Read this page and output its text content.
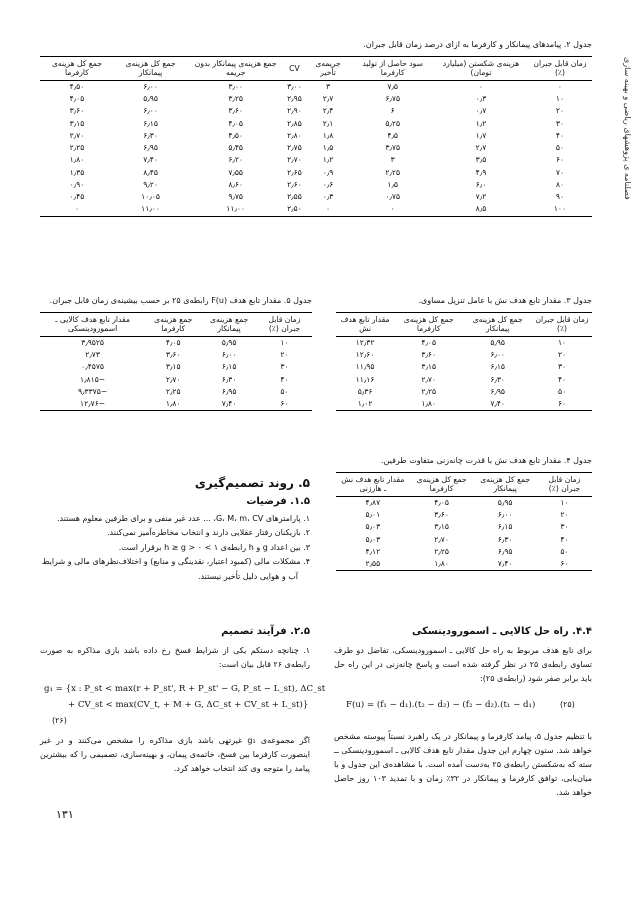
فصلنامه ی پژوهشهای ریاضی و بهینه سازی
جدول ۲. پیامدهای پیمانکار و کارفرما به ازای درصد زمان قابل جبران.
زمان قابل جبران (٪)	هزینه‌ی شکستن (میلیارد تومان)	سود حاصل از تولید کارفرما	جریمه‌ی تأخیر	CV	جمع هزینه‌ی پیمانکار بدون جریمه	جمع کل هزینه‌ی پیمانکار	جمع کل هزینه‌ی کارفرما
۰	۰	۷٫۵	۳	۳٫۰۰	۳٫۰۰	۶٫۰۰	۴٫۵۰
۱۰	۰٫۳	۶٫۷۵	۲٫۷	۲٫۹۵	۳٫۲۵	۵٫۹۵	۴٫۰۵
۲۰	۰٫۷	۶	۲٫۴	۲٫۹۰	۳٫۶۰	۶٫۰۰	۳٫۶۰
۳۰	۱٫۲	۵٫۲۵	۲٫۱	۲٫۸۵	۴٫۰۵	۶٫۱۵	۳٫۱۵
۴۰	۱٫۷	۴٫۵	۱٫۸	۲٫۸۰	۴٫۵۰	۶٫۳۰	۲٫۷۰
۵۰	۲٫۷	۳٫۷۵	۱٫۵	۲٫۷۵	۵٫۴۵	۶٫۹۵	۲٫۲۵
۶۰	۳٫۵	۳	۱٫۲	۲٫۷۰	۶٫۲۰	۷٫۴۰	۱٫۸۰
۷۰	۴٫۹	۲٫۲۵	۰٫۹	۲٫۶۵	۷٫۵۵	۸٫۴۵	۱٫۳۵
۸۰	۶٫۰	۱٫۵	۰٫۶	۲٫۶۰	۸٫۶۰	۹٫۲۰	۰٫۹۰
۹۰	۷٫۲	۰٫۷۵	۰٫۳	۲٫۵۵	۹٫۷۵	۱۰٫۰۵	۰٫۴۵
۱۰۰	۸٫۵	۰	۰	۲٫۵۰	۱۱٫۰۰	۱۱٫۰۰	۰
جدول ۳. مقدار تابع هدف نش با عامل تنزیل مساوی.
زمان قابل جبران (٪)	جمع کل هزینه‌ی پیمانکار	جمع کل هزینه‌ی کارفرما	مقدار تابع هدف نش
۱۰	۵٫۹۵	۴٫۰۵	۱۲٫۳۲
۲۰	۶٫۰۰	۳٫۶۰	۱۲٫۶۰
۳۰	۶٫۱۵	۳٫۱۵	۱۱٫۹۵
۴۰	۶٫۳۰	۲٫۷۰	۱۱٫۱۶
۵۰	۶٫۹۵	۲٫۲۵	۵٫۳۶
۶۰	۷٫۴۰	۱٫۸۰	۱٫۰۲
جدول ۵. مقدار تابع هدف F(u) رابطه‌ی ۲۵ بر حسب بیشینه‌ی زمان قابل جبران.
زمان قابل جبران (٪)	جمع هزینه‌ی پیمانکار	جمع هزینه‌ی کارفرما	مقدار تابع هدف کالایی ـ اسمورودینسکی
۱۰	۵٫۹۵	۴٫۰۵	۳٫۹۵۲۵
۲۰	۶٫۰۰	۳٫۶۰	۲٫۷۳
۳۰	۶٫۱۵	۳٫۱۵	۰٫۴۵۷۵
۴۰	۶٫۳۰	۲٫۷۰	−۱٫۸۱۵
۵۰	۶٫۹۵	۲٫۲۵	−۹٫۳۳۷۵
۶۰	۷٫۴۰	۱٫۸۰	−۱۲٫۷۶
جدول ۴. مقدار تابع هدف نش با قدرت چانه‌زنی متفاوت طرفین.
زمان قابل جبران (٪)	جمع کل هزینه‌ی پیمانکار	جمع کل هزینه‌ی کارفرما	مقدار تابع هدف نش ـ هارزنی
۱۰	۵٫۹۵	۴٫۰۵	۴٫۸۷
۲۰	۶٫۰۰	۳٫۶۰	۵٫۰۱
۳۰	۶٫۱۵	۳٫۱۵	۵٫۰۳
۴۰	۶٫۳۰	۲٫۷۰	۵٫۰۳
۵۰	۶٫۹۵	۲٫۲۵	۴٫۱۲
۶۰	۷٫۴۰	۱٫۸۰	۲٫۵۵
۵. روند تصمیم‌گیری
۱.۵. فرضیات
۱. پارامترهای G، M، m، CV، ... عدد غیر منفی و برای طرفین معلوم هستند.
۲. بازیکنان رفتار عقلایی دارند و انتخاب مخاطره‌آمیز نمی‌کنند.
۳. بین اعداد g و h رابطه‌ی ۱ > h ≥ g > ۰ برقرار است.
۴. مشکلات مالی (کمبود اعتبار، نقدینگی و منابع) و اختلاف‌نظرهای مالی و شرایط
آب و هوایی دلیل تأخیر نیستند.
۲.۵. فرآیند تصمیم
۱. چنانچه دستکم یکی از شرایط فسخ رخ داده باشد بازی مذاکره به صورت رابطه‌ی ۲۶ قابل بیان است:
g₁ = {x : P_st < max(r + P_st', R + P_st' − G, P_st − L_st), ΔC_st
+ CV_st < max(CV_t, + M + G, ΔC_st + CV_st + L_st)}
(۲۶)
اگر مجموعه‌ی g₁ غیرتهی باشد بازی مذاکره را مشخص می‌کنند و در غیر اینصورت کارفرما بین فسخ، خاتمه‌ی پیمان، و بهینه‌سازی، تصمیمی را که بیشترین پیامد را متوجه وی کند انتخاب خواهد کرد.
۴.۴. راه حل کالایی ـ اسمورودینسکی
برای تابع هدف مربوط به راه حل کالایی ـ اسمورودینسکی، تفاضل دو طرف تساوی رابطه‌ی ۲۵ در نظر گرفته شده است و پاسخ چانه‌زنی در این راه حل باید برابر صفر شود (رابطه‌ی ۲۵):
F(u) = (f₁ − d₁).(t₂ − d₂) − (f₂ − d₂).(t₁ − d₁)	(۲۵)
با تنظیم جدول ۵، پیامد کارفرما و پیمانکار در یک راهبرد نسبتاً پیوسته مشخص خواهد شد. ستون چهارم این جدول مقدار تابع هدف کالایی ـ اسمورودینسکی ــ سته که به‌شکستن رابطه‌ی ۲۵ به‌دست آمده است. با مشاهده‌ی این جدول و با میان‌یابی، توافق کارفرما و پیمانکار در ۳۲٪ زمان و با تمدید ۱۰۳ روز حاصل خواهد شد.
۱۳۱
